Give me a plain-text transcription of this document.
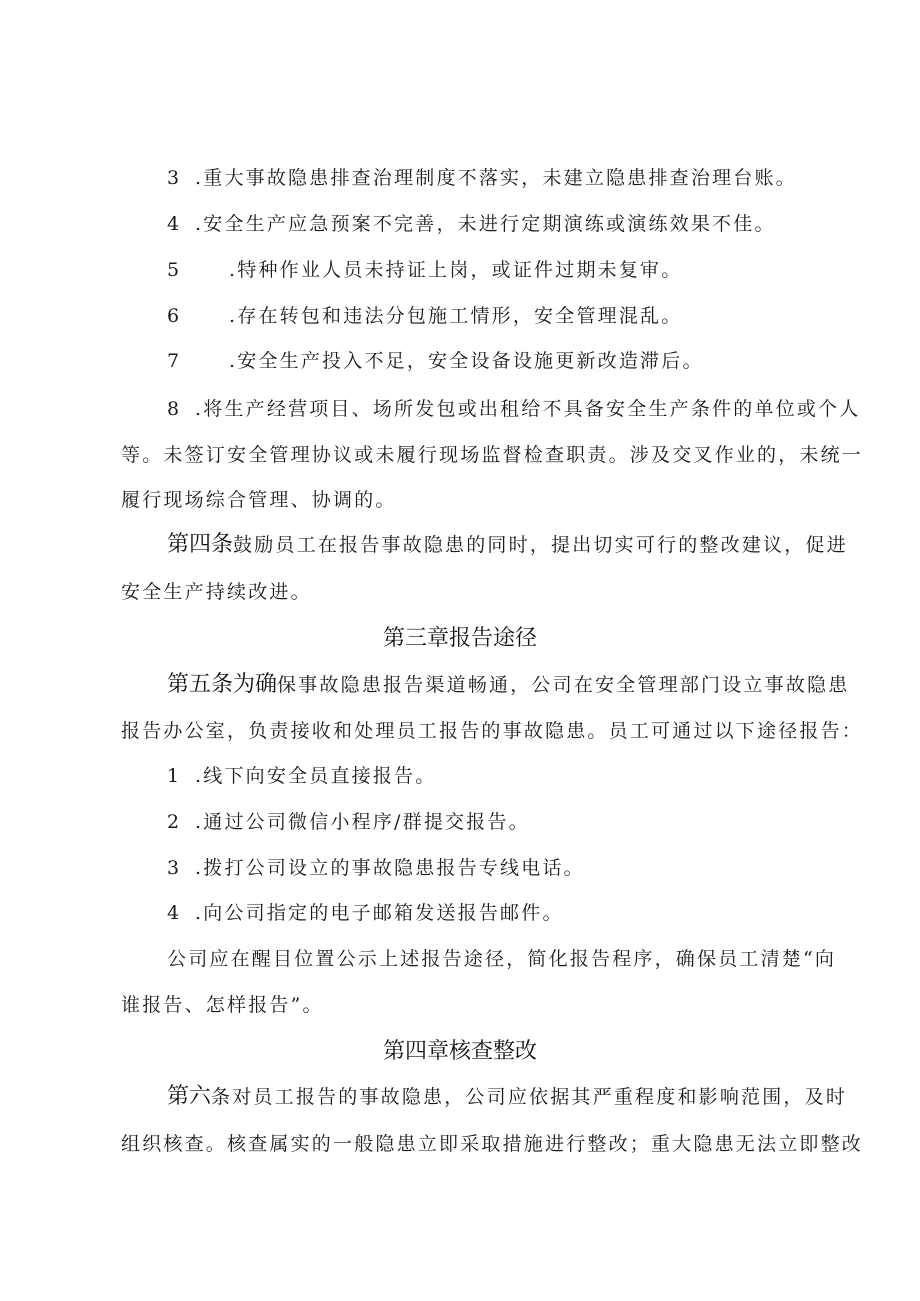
3 .重大事故隐患排查治理制度不落实，未建立隐患排查治理台账。
4 .安全生产应急预案不完善，未进行定期演练或演练效果不佳。
5	.特种作业人员未持证上岗，或证件过期未复审。
6	.存在转包和违法分包施工情形，安全管理混乱。
7	.安全生产投入不足，安全设备设施更新改造滞后。
8 .将生产经营项目、场所发包或出租给不具备安全生产条件的单位或个人
等。未签订安全管理协议或未履行现场监督检查职责。涉及交叉作业的，未统一
履行现场综合管理、协调的。
第四条鼓励员工在报告事故隐患的同时，提出切实可行的整改建议，促进
安全生产持续改进。
第三章报告途径
第五条为确保事故隐患报告渠道畅通，公司在安全管理部门设立事故隐患
报告办公室，负责接收和处理员工报告的事故隐患。员工可通过以下途径报告：
1 .线下向安全员直接报告。
2 .通过公司微信小程序/群提交报告。
3 .拨打公司设立的事故隐患报告专线电话。
4 .向公司指定的电子邮箱发送报告邮件。
公司应在醒目位置公示上述报告途径，简化报告程序，确保员工清楚“向
谁报告、怎样报告”。
第四章核查整改
第六条对员工报告的事故隐患，公司应依据其严重程度和影响范围，及时
组织核查。核查属实的一般隐患立即采取措施进行整改；重大隐患无法立即整改
